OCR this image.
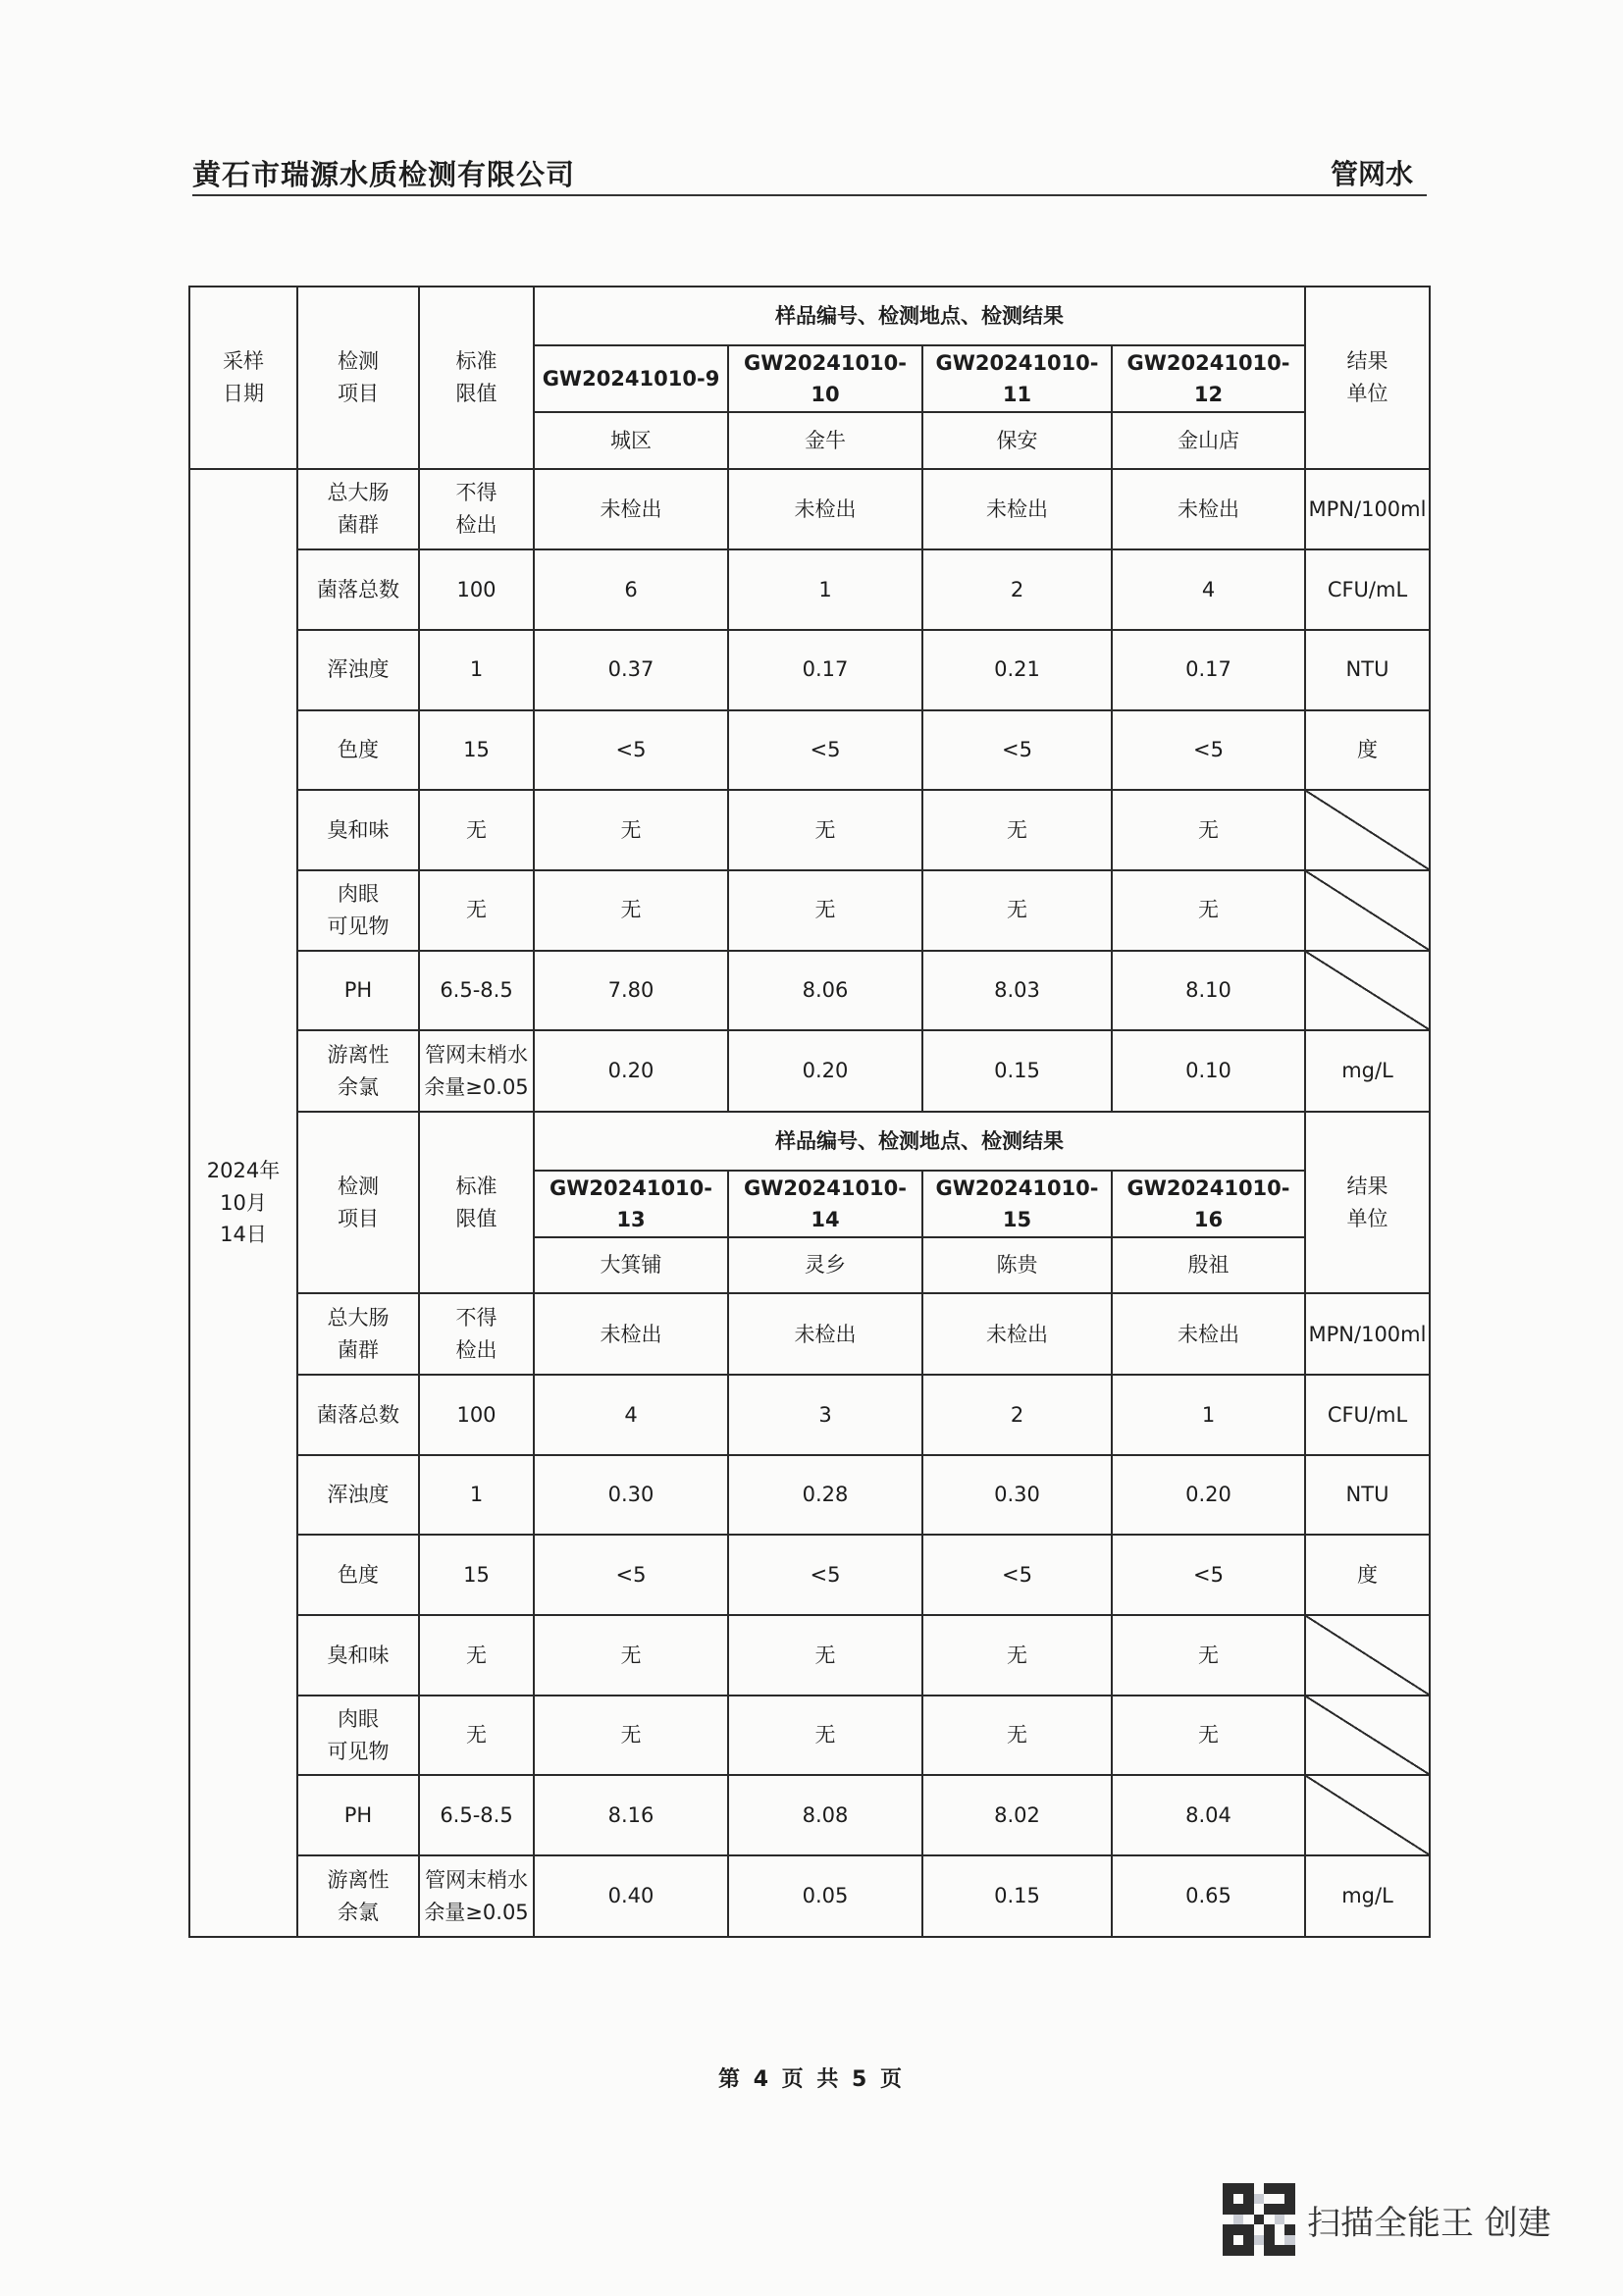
黄石市瑞源水质检测有限公司	管网水
采样
日期	检测
项目	标准
限值	样品编号、检测地点、检测结果				结果
单位

			GW20241010-9	GW20241010-10	GW20241010-11	GW20241010-12	

			城区	金牛	保安	金山店	

2024年
10月
14日	总大肠
菌群	不得
检出	未检出	未检出	未检出	未检出	MPN/100ml

	菌落总数	100	6	1	2	4	CFU/mL

	浑浊度	1	0.37	0.17	0.21	0.17	NTU

	色度	15	<5	<5	<5	<5	度

	臭和味	无	无	无	无	无	

	肉眼
可见物	无	无	无	无	无	

	PH	6.5-8.5	7.80	8.06	8.03	8.10	

	游离性
余氯	管网末梢水
余量≥0.05	0.20	0.20	0.15	0.10	mg/L

	检测
项目	标准
限值	样品编号、检测地点、检测结果				结果
单位

			GW20241010-13	GW20241010-14	GW20241010-15	GW20241010-16	

			大箕铺	灵乡	陈贵	殷祖	

	总大肠
菌群	不得
检出	未检出	未检出	未检出	未检出	MPN/100ml

	菌落总数	100	4	3	2	1	CFU/mL

	浑浊度	1	0.30	0.28	0.30	0.20	NTU

	色度	15	<5	<5	<5	<5	度

	臭和味	无	无	无	无	无	

	肉眼
可见物	无	无	无	无	无	

	PH	6.5-8.5	8.16	8.08	8.02	8.04	

	游离性
余氯	管网末梢水
余量≥0.05	0.40	0.05	0.15	0.65	mg/L
第 4 页 共 5 页
扫描全能王 创建
